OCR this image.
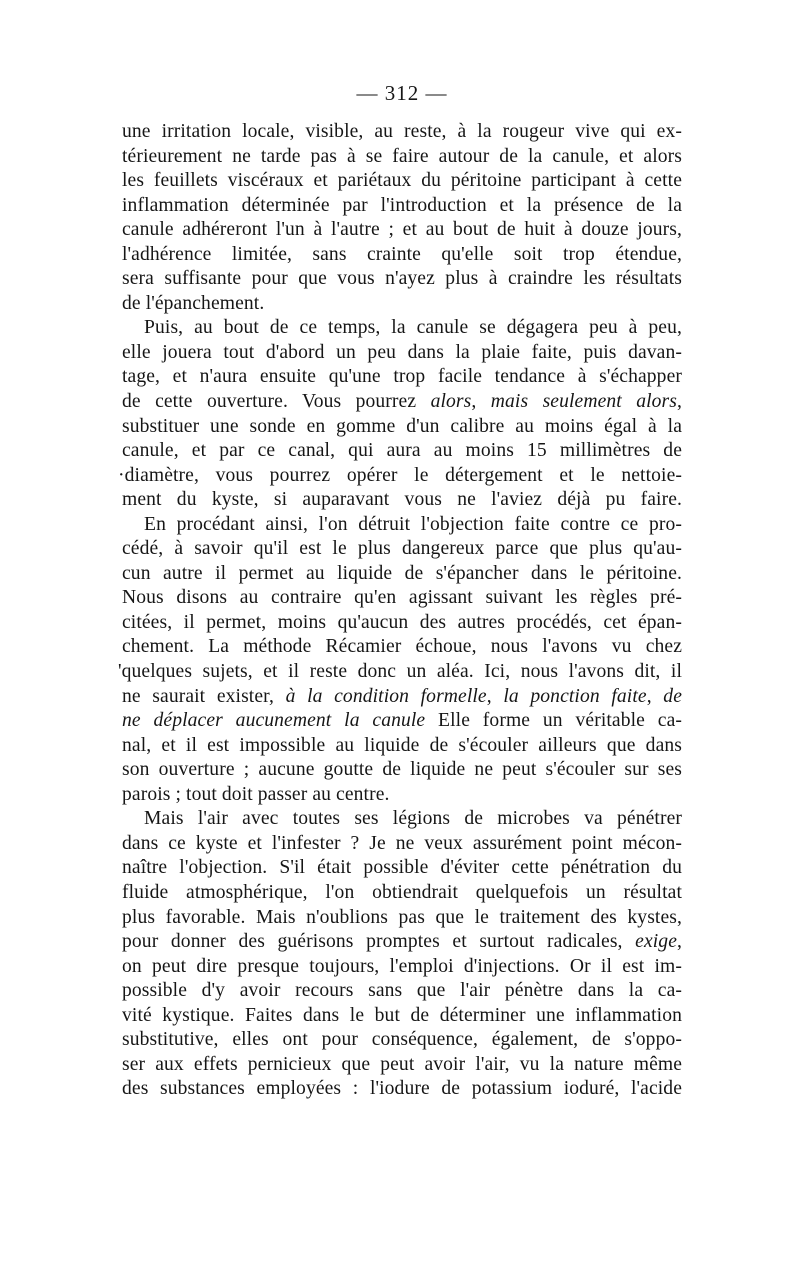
— 312 —
une irritation locale, visible, au reste, à la rougeur vive qui ex-
térieurement ne tarde pas à se faire autour de la canule, et alors
les feuillets viscéraux et pariétaux du péritoine participant à cette
inflammation déterminée par l'introduction et la présence de la
canule adhéreront l'un à l'autre ; et au bout de huit à douze jours,
l'adhérence limitée, sans crainte qu'elle soit trop étendue,
sera suffisante pour que vous n'ayez plus à craindre les résultats
de l'épanchement.
Puis, au bout de ce temps, la canule se dégagera peu à peu,
elle jouera tout d'abord un peu dans la plaie faite, puis davan-
tage, et n'aura ensuite qu'une trop facile tendance à s'échapper
de cette ouverture. Vous pourrez alors, mais seulement alors,
substituer une sonde en gomme d'un calibre au moins égal à la
canule, et par ce canal, qui aura au moins 15 millimètres de
·diamètre, vous pourrez opérer le détergement et le nettoie-
ment du kyste, si auparavant vous ne l'aviez déjà pu faire.
En procédant ainsi, l'on détruit l'objection faite contre ce pro-
cédé, à savoir qu'il est le plus dangereux parce que plus qu'au-
cun autre il permet au liquide de s'épancher dans le péritoine.
Nous disons au contraire qu'en agissant suivant les règles pré-
citées, il permet, moins qu'aucun des autres procédés, cet épan-
chement. La méthode Récamier échoue, nous l'avons vu chez
'quelques sujets, et il reste donc un aléa. Ici, nous l'avons dit, il
ne saurait exister, à la condition formelle, la ponction faite, de
ne déplacer aucunement la canule Elle forme un véritable ca-
nal, et il est impossible au liquide de s'écouler ailleurs que dans
son ouverture ; aucune goutte de liquide ne peut s'écouler sur ses
parois ; tout doit passer au centre.
Mais l'air avec toutes ses légions de microbes va pénétrer
dans ce kyste et l'infester ? Je ne veux assurément point mécon-
naître l'objection. S'il était possible d'éviter cette pénétration du
fluide atmosphérique, l'on obtiendrait quelquefois un résultat
plus favorable. Mais n'oublions pas que le traitement des kystes,
pour donner des guérisons promptes et surtout radicales, exige,
on peut dire presque toujours, l'emploi d'injections. Or il est im-
possible d'y avoir recours sans que l'air pénètre dans la ca-
vité kystique. Faites dans le but de déterminer une inflammation
substitutive, elles ont pour conséquence, également, de s'oppo-
ser aux effets pernicieux que peut avoir l'air, vu la nature même
des substances employées : l'iodure de potassium ioduré, l'acide
